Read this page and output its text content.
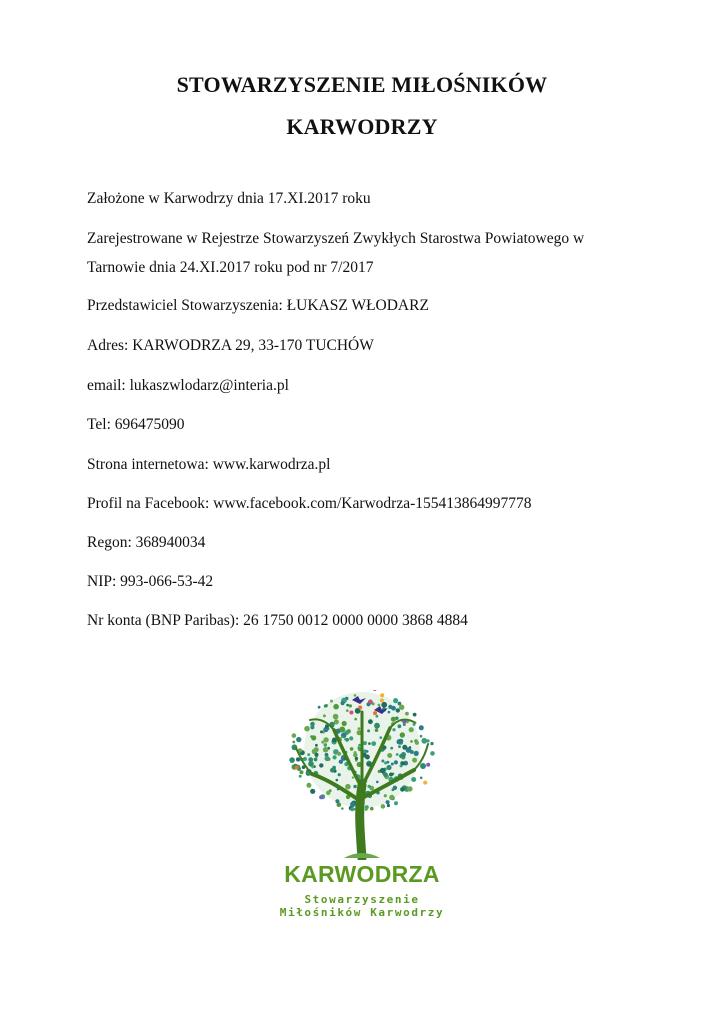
STOWARZYSZENIE MIŁOŚNIKÓW
KARWODRZY
Założone w Karwodrzy dnia 17.XI.2017 roku
Zarejestrowane w Rejestrze Stowarzyszeń Zwykłych Starostwa Powiatowego w
Tarnowie dnia 24.XI.2017 roku pod nr 7/2017
Przedstawiciel Stowarzyszenia: ŁUKASZ WŁODARZ
Adres: KARWODRZA 29, 33-170 TUCHÓW
email: lukaszwlodarz@interia.pl
Tel: 696475090
Strona internetowa: www.karwodrza.pl
Profil na Facebook: www.facebook.com/Karwodrza-155413864997778
Regon: 368940034
NIP: 993-066-53-42
Nr konta (BNP Paribas): 26 1750 0012 0000 0000 3868 4884
KARWODRZA
Stowarzyszenie
Miłośników Karwodrzy
